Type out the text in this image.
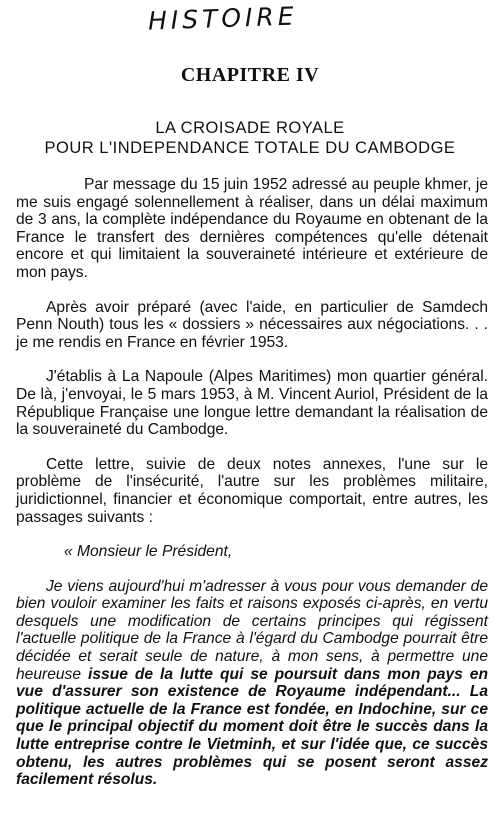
HISTOIRE
CHAPITRE IV
LA CROISADE ROYALE
POUR L'INDEPENDANCE TOTALE DU CAMBODGE

Par message du 15 juin 1952 adressé au peuple khmer, je me suis engagé solennellement à réaliser, dans un délai maximum de 3 ans, la complète indépendance du Royaume en obtenant de la France le transfert des dernières compétences qu'elle détenait encore et qui limitaient la souveraineté intérieure et extérieure de mon pays.

Après avoir préparé (avec l'aide, en particulier de Samdech Penn Nouth) tous les « dossiers » nécessaires aux négociations. . . je me rendis en France en février 1953.

J'établis à La Napoule (Alpes Maritimes) mon quartier général. De là, j'envoyai, le 5 mars 1953, à M. Vincent Auriol, Président de la République Française une longue lettre demandant la réalisation de la souveraineté du Cambodge.

Cette lettre, suivie de deux notes annexes, l'une sur le problème de l'insécurité, l'autre sur les problèmes militaire, juridictionnel, financier et économique comportait, entre autres, les passages suivants :

« Monsieur le Président,

Je viens aujourd'hui m'adresser à vous pour vous demander de bien vouloir examiner les faits et raisons exposés ci-après, en vertu desquels une modification de certains principes qui régissent l'actuelle politique de la France à l'égard du Cambodge pourrait être décidée et serait seule de nature, à mon sens, à permettre une heureuse issue de la lutte qui se poursuit dans mon pays en vue d'assurer son existence de Royaume indépendant... La politique actuelle de la France est fondée, en Indochine, sur ce que le principal objectif du moment doit être le succès dans la lutte entreprise contre le Vietminh, et sur l'idée que, ce succès obtenu, les autres problèmes qui se posent seront assez facilement résolus.
